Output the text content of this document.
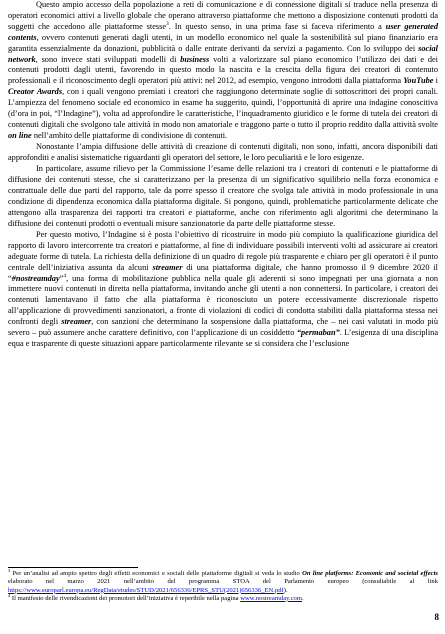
Questo ampio accesso della popolazione a reti di comunicazione e di connessione digitali si traduce nella presenza di operatori economici attivi a livello globale che operano attraverso piattaforme che mettono a disposizione contenuti prodotti da soggetti che accedono alle piattaforme stesse$^3$. In questo senso, in una prima fase si faceva riferimento a user generated contents, ovvero contenuti generati dagli utenti, in un modello economico nel quale la sostenibilità sul piano finanziario era garantita essenzialmente da donazioni, pubblicità o dalle entrate derivanti da servizi a pagamento. Con lo sviluppo dei social network, sono invece stati sviluppati modelli di business volti a valorizzare sul piano economico l’utilizzo dei dati e dei contenuti prodotti dagli utenti, favorendo in questo modo la nascita e la crescita della figura dei creatori di contenuto professionali e il riconoscimento degli operatori più attivi: nel 2012, ad esempio, vengono introdotti dalla piattaforma YouTube i Creator Awards, con i quali vengono premiati i creatori che raggiungono determinate soglie di sottoscrittori dei propri canali. L’ampiezza del fenomeno sociale ed economico in esame ha suggerito, quindi, l’opportunità di aprire una indagine conoscitiva (d’ora in poi, “l’Indagine”), volta ad approfondire le caratteristiche, l’inquadramento giuridico e le forme di tutela dei creatori di contenuti digitali che svolgono tale attività in modo non amatoriale e traggono parte o tutto il proprio reddito dalla attività svolte on line nell’ambito delle piattaforme di condivisione di contenuti.

Nonostante l’ampia diffusione delle attività di creazione di contenuti digitali, non sono, infatti, ancora disponibili dati approfonditi e analisi sistematiche riguardanti gli operatori del settore, le loro peculiarità e le loro esigenze.

In particolare, assume rilievo per la Commissione l’esame delle relazioni tra i creatori di contenuti e le piattaforme di diffusione dei contenuti stesse, che si caratterizzano per la presenza di un significativo squilibrio nella forza economica e contrattuale delle due parti del rapporto, tale da porre spesso il creatore che svolga tale attività in modo professionale in una condizione di dipendenza economica dalla piattaforma digitale. Si pongono, quindi, problematiche particolarmente delicate che attengono alla trasparenza dei rapporti tra creatori e piattaforme, anche con riferimento agli algoritmi che determinano la diffusione dei contenuti prodotti o eventuali misure sanzionatorie da parte delle piattaforme stesse.

Per questo motivo, l’Indagine si è posta l’obiettivo di ricostruire in modo più compiuto la qualificazione giuridica del rapporto di lavoro intercorrente tra creatori e piattaforme, al fine di individuare possibili interventi volti ad assicurare ai creatori adeguate forme di tutela. La richiesta della definizione di un quadro di regole più trasparente e chiaro per gli operatori è il punto centrale dell’iniziativa assunta da alcuni streamer di una piattaforma digitale, che hanno promosso il 9 dicembre 2020 il “#nostreamday”$^4$, una forma di mobilitazione pubblica nella quale gli aderenti si sono impegnati per una giornata a non immettere nuovi contenuti in diretta nella piattaforma, invitando anche gli utenti a non connettersi. In particolare, i creatori dei contenuti lamentavano il fatto che alla piattaforma è riconosciuto un potere eccessivamente discrezionale rispetto all’applicazione di provvedimenti sanzionatori, a fronte di violazioni di codici di condotta stabiliti dalla piattaforma stessa nei confronti degli streamer, con sanzioni che determinano la sospensione dalla piattaforma, che – nei casi valutati in modo più severo – può assumere anche carattere definitivo, con l’applicazione di un cosiddetto “permaban”. L’esigenza di una disciplina equa e trasparente di queste situazioni appare particolarmente rilevante se si considera che l’esclusione

$^3$ Per un’analisi ad ampio spettro degli effetti economici e sociali delle piattaforme digitali si veda lo studio On line platforms: Economic and societal effects elaborato nel marzo 2021 nell’ambito del programma STOA del Parlamento europeo (consultabile al link https://www.europarl.europa.eu/RegData/etudes/STUD/2021/656336/EPRS_STU(2021)656336_EN.pdf).

$^4$ Il manifesto delle rivendicazioni dei promotori dell’iniziativa è reperibile nella pagina www.nostreamday.com.

8
